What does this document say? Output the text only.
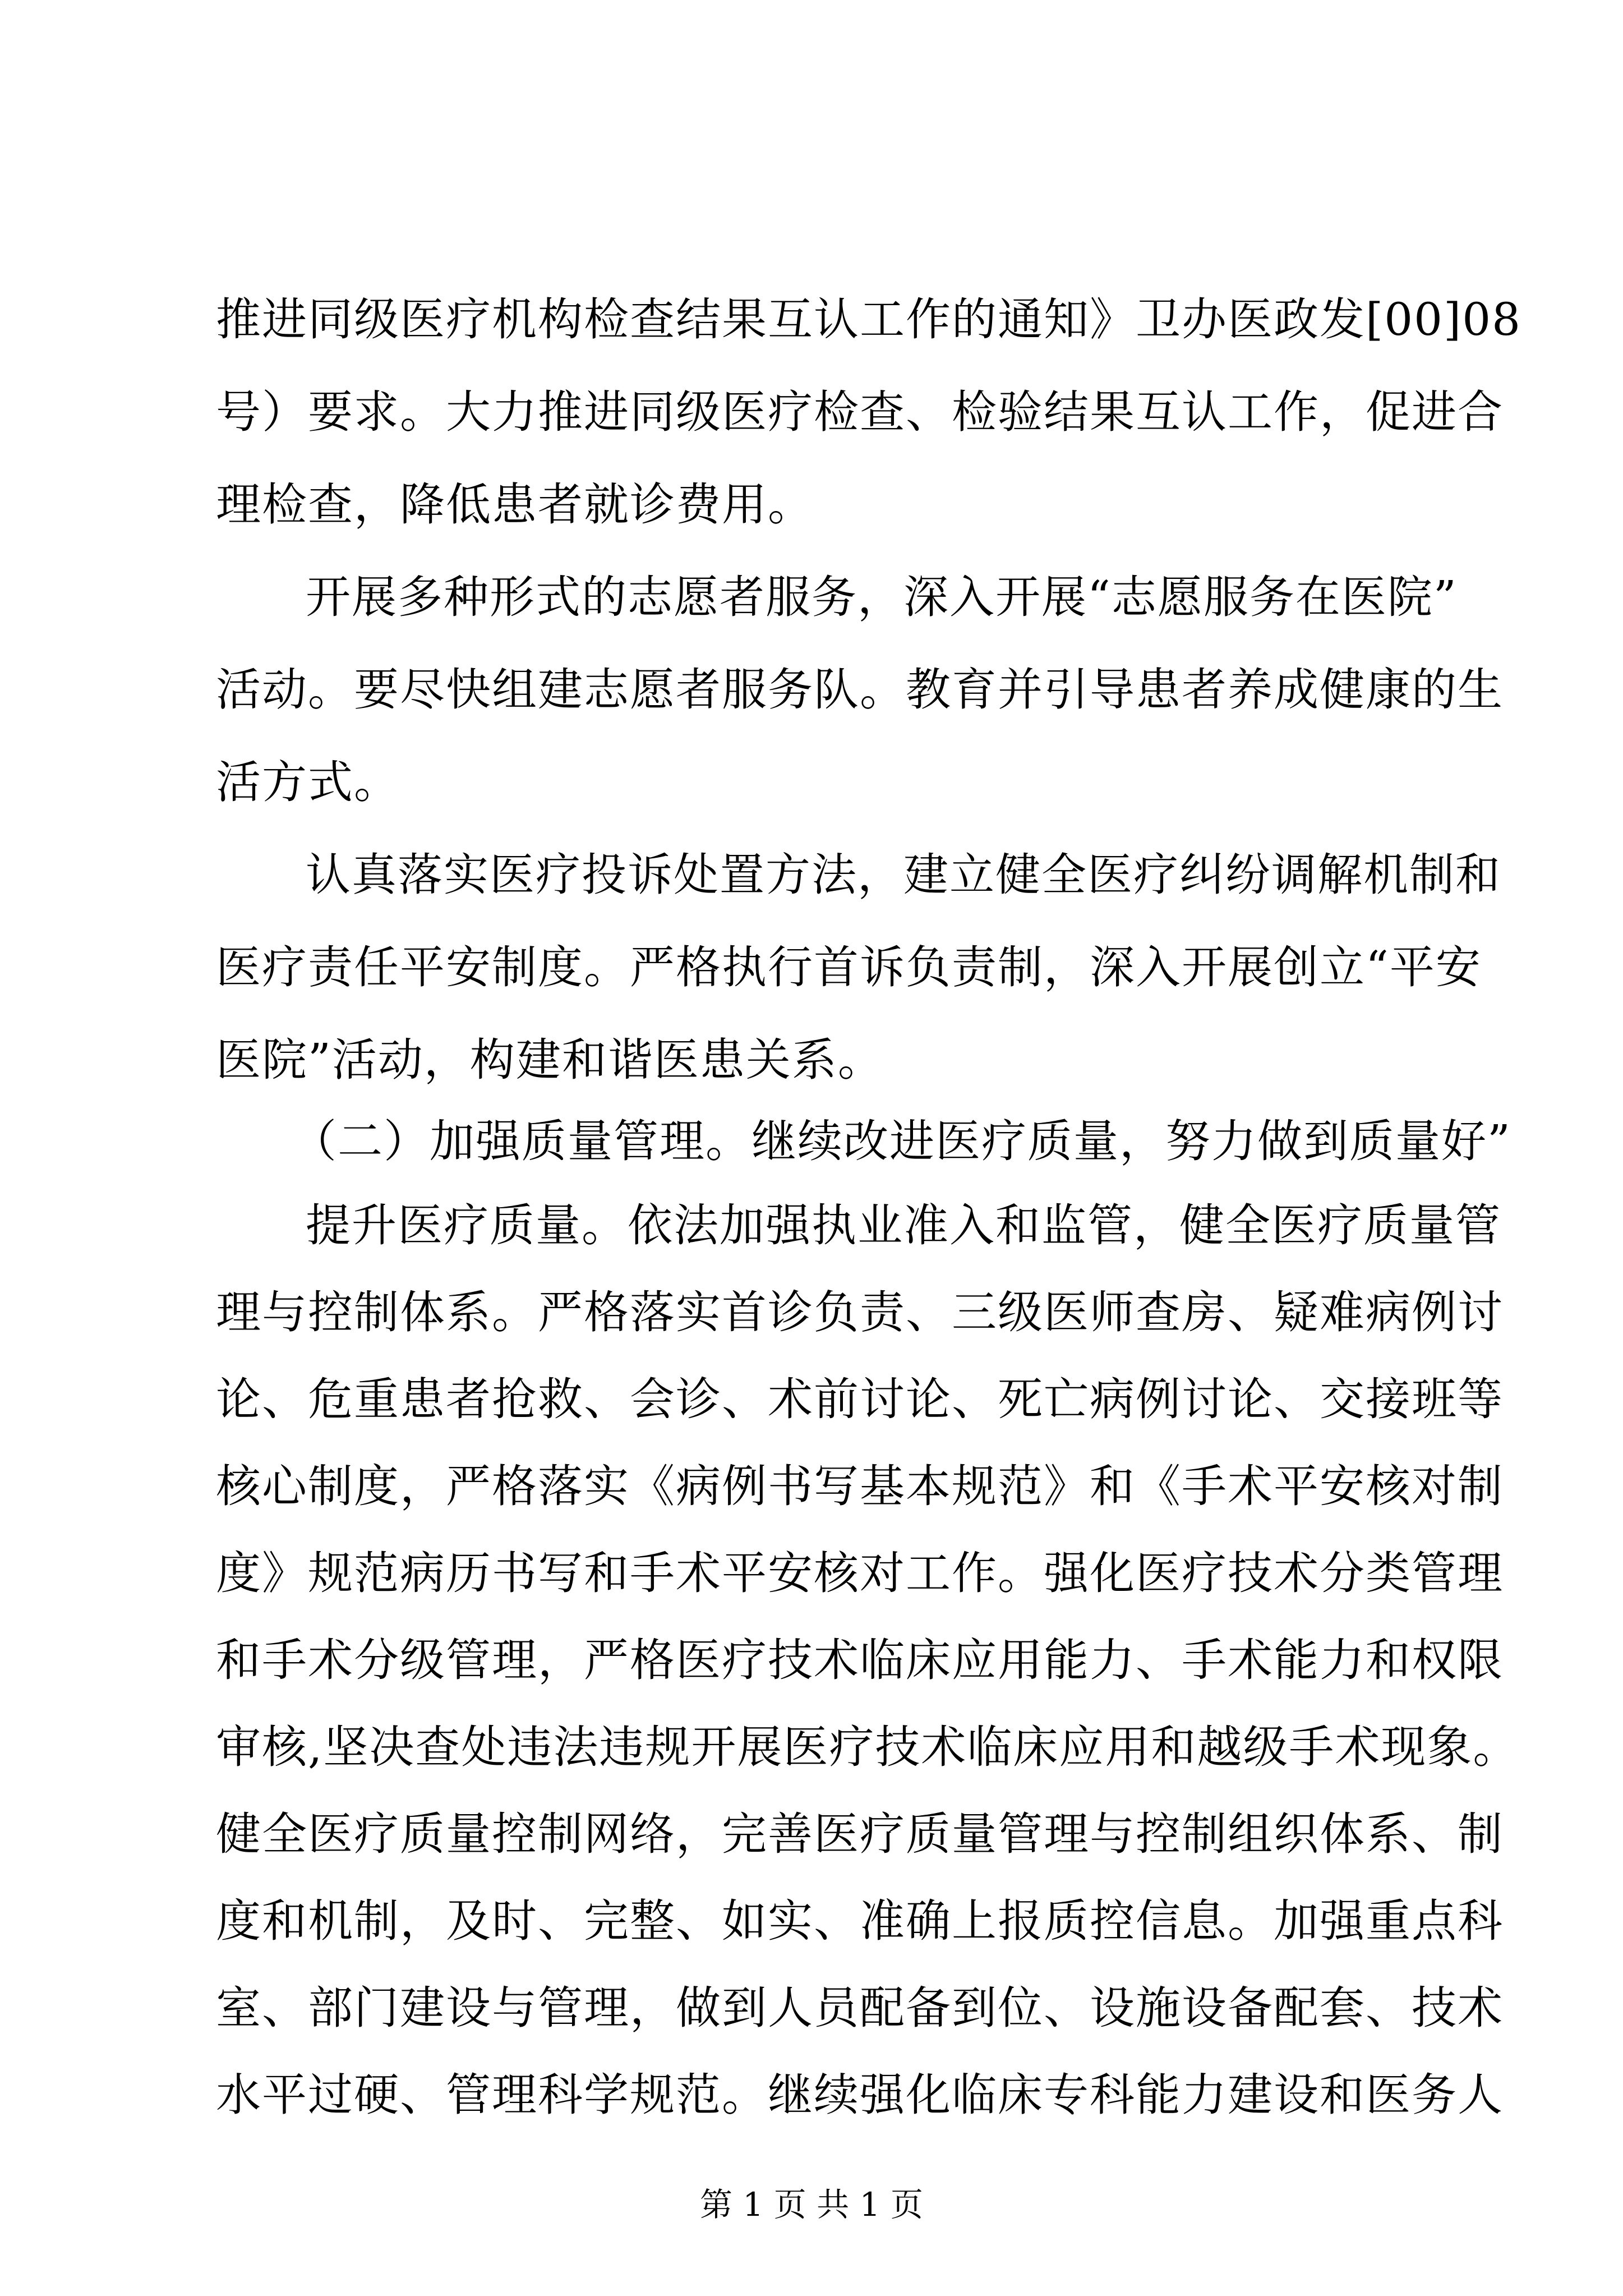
推进同级医疗机构检查结果互认工作的通知》卫办医政发[00]08
号）要求。大力推进同级医疗检查、检验结果互认工作，促进合
理检查，降低患者就诊费用。
开展多种形式的志愿者服务，深入开展“志愿服务在医院”
活动。要尽快组建志愿者服务队。教育并引导患者养成健康的生
活方式。
认真落实医疗投诉处置方法，建立健全医疗纠纷调解机制和
医疗责任平安制度。严格执行首诉负责制，深入开展创立“平安
医院”活动，构建和谐医患关系。
（二）加强质量管理。继续改进医疗质量，努力做到质量好”
提升医疗质量。依法加强执业准入和监管，健全医疗质量管
理与控制体系。严格落实首诊负责、三级医师查房、疑难病例讨
论、危重患者抢救、会诊、术前讨论、死亡病例讨论、交接班等
核心制度，严格落实《病例书写基本规范》和《手术平安核对制
度》规范病历书写和手术平安核对工作。强化医疗技术分类管理
和手术分级管理，严格医疗技术临床应用能力、手术能力和权限
审核,坚决查处违法违规开展医疗技术临床应用和越级手术现象。
健全医疗质量控制网络，完善医疗质量管理与控制组织体系、制
度和机制，及时、完整、如实、准确上报质控信息。加强重点科
室、部门建设与管理，做到人员配备到位、设施设备配套、技术
水平过硬、管理科学规范。继续强化临床专科能力建设和医务人
第 1 页 共 1 页
